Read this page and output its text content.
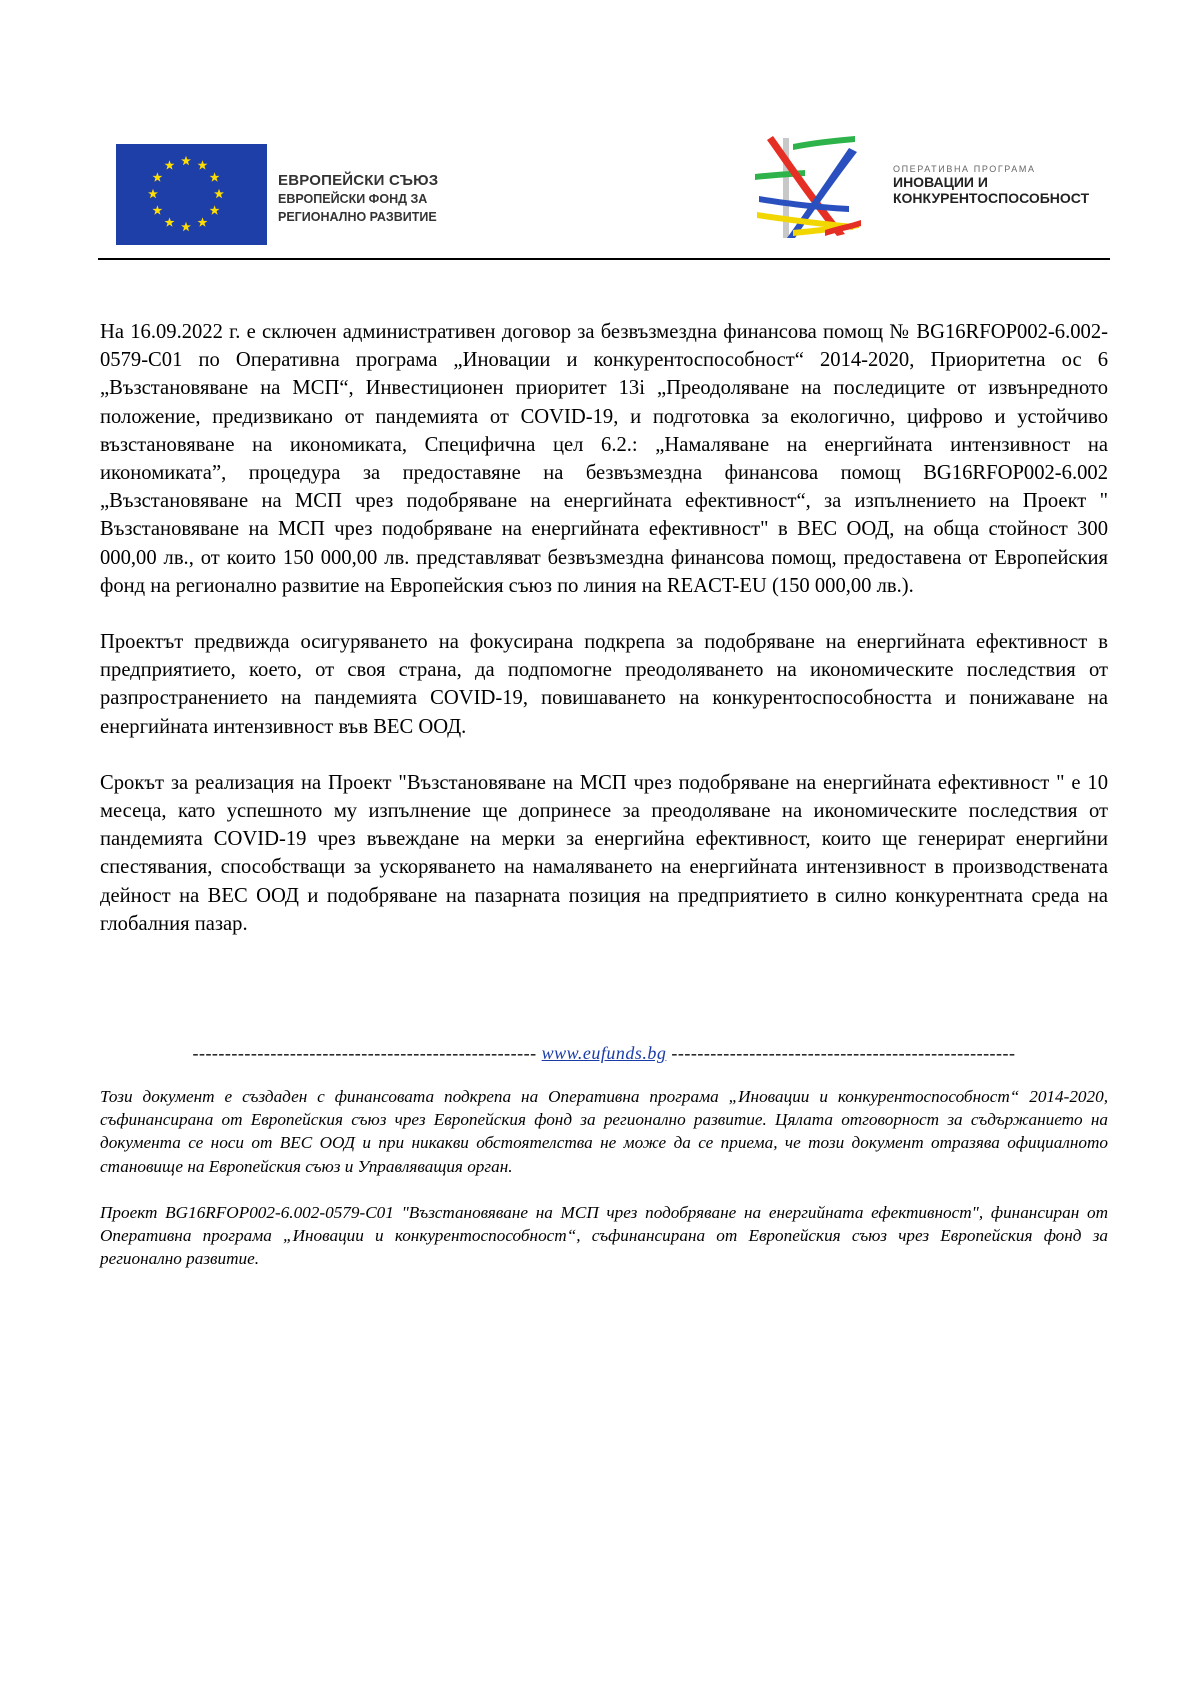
ЕВРОПЕЙСКИ СЪЮЗ
ЕВРОПЕЙСКИ ФОНД ЗА
РЕГИОНАЛНО РАЗВИТИЕ
ОПЕРАТИВНА ПРОГРАМА
ИНОВАЦИИ И
КОНКУРЕНТОСПОСОБНОСТ

На 16.09.2022 г. е сключен административен договор за безвъзмездна финансова помощ № BG16RFOP002-6.002-0579-C01 по Оперативна програма „Иновации и конкурентоспособност“ 2014-2020, Приоритетна ос 6 „Възстановяване на МСП“, Инвестиционен приоритет 13i „Преодоляване на последиците от извънредното положение, предизвикано от пандемията от COVID-19, и подготовка за екологично, цифрово и устойчиво възстановяване на икономиката, Специфична цел 6.2.: „Намаляване на енергийната интензивност на икономиката”, процедура за предоставяне на безвъзмездна финансова помощ BG16RFOP002-6.002 „Възстановяване на МСП чрез подобряване на енергийната ефективност“, за изпълнението на Проект " Възстановяване на МСП чрез подобряване на енергийната ефективност" в ВЕС ООД, на обща стойност 300 000,00 лв., от които 150 000,00 лв. представляват безвъзмездна финансова помощ, предоставена от Европейския фонд на регионално развитие на Европейския съюз по линия на REACT-EU (150 000,00 лв.).

Проектът предвижда осигуряването на фокусирана подкрепа за подобряване на енергийната ефективност в предприятието, което, от своя страна, да подпомогне преодоляването на икономическите последствия от разпространението на пандемията COVID-19, повишаването на конкурентоспособността и понижаване на енергийната интензивност във ВЕС ООД.

Срокът за реализация на Проект "Възстановяване на МСП чрез подобряване на енергийната ефективност " е 10 месеца, като успешното му изпълнение ще допринесе за преодоляване на икономическите последствия от пандемията COVID-19 чрез въвеждане на мерки за енергийна ефективност, които ще генерират енергийни спестявания, способстващи за ускоряването на намаляването на енергийната интензивност в производствената дейност на ВЕС ООД и подобряване на пазарната позиция на предприятието в силно конкурентната среда на глобалния пазар.

----------------------------------------------------- www.eufunds.bg -----------------------------------------------------

Този документ е създаден с финансовата подкрепа на Оперативна програма „Иновации и конкурентоспособност“ 2014-2020, съфинансирана от Европейския съюз чрез Европейския фонд за регионално развитие. Цялата отговорност за съдържанието на документа се носи от ВЕС ООД и при никакви обстоятелства не може да се приема, че този документ отразява официалното становище на Европейския съюз и Управляващия орган.

Проект BG16RFOP002-6.002-0579-C01 "Възстановяване на МСП чрез подобряване на енергийната ефективност", финансиран от Оперативна програма „Иновации и конкурентоспособност“, съфинансирана от Европейския съюз чрез Европейския фонд за регионално развитие.
